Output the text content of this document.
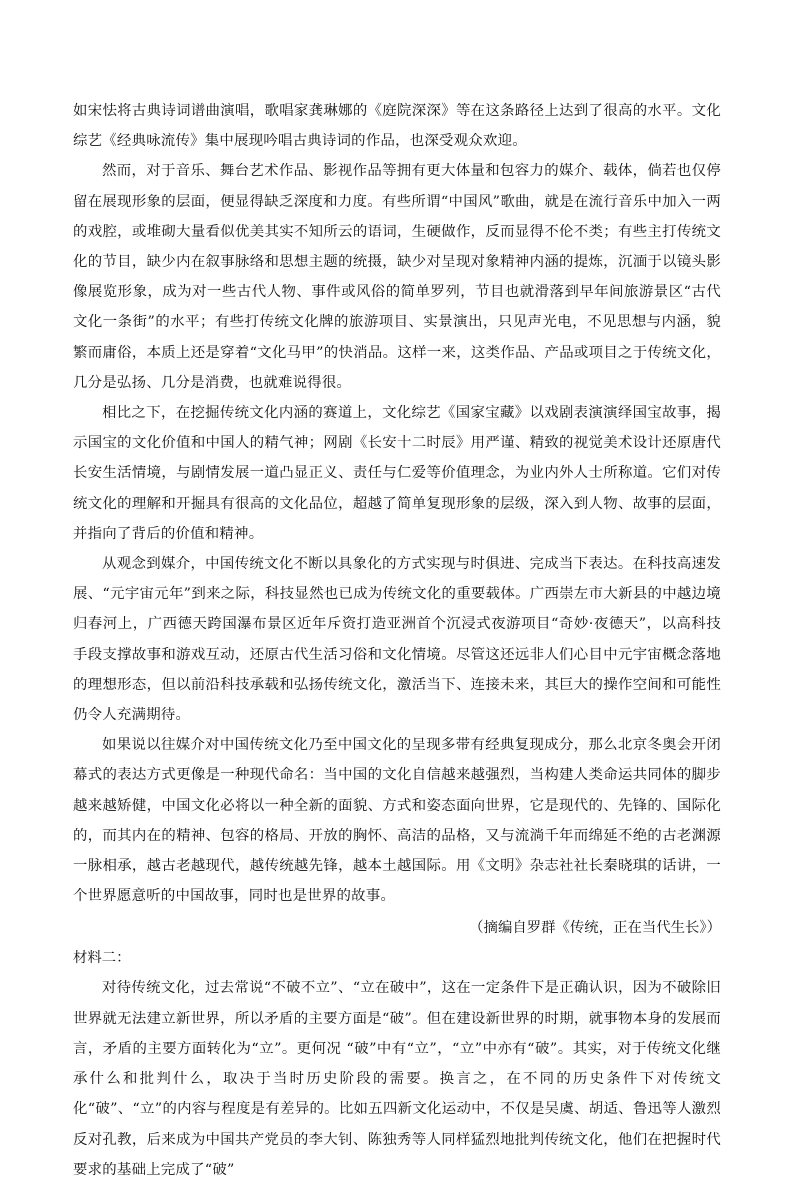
如宋怯将古典诗词谱曲演唱，歌唱家龚琳娜的《庭院深深》等在这条路径上达到了很高的水平。文化综艺《经典咏流传》集中展现吟唱古典诗词的作品，也深受观众欢迎。

然而，对于音乐、舞台艺术作品、影视作品等拥有更大体量和包容力的媒介、载体，倘若也仅停留在展现形象的层面，便显得缺乏深度和力度。有些所谓“中国风”歌曲，就是在流行音乐中加入一两的戏腔，或堆砌大量看似优美其实不知所云的语词，生硬做作，反而显得不伦不类；有些主打传统文化的节目，缺少内在叙事脉络和思想主题的统摄，缺少对呈现对象精神内涵的提炼，沉湎于以镜头影像展览形象，成为对一些古代人物、事件或风俗的简单罗列，节目也就滑落到早年间旅游景区“古代文化一条街”的水平；有些打传统文化牌的旅游项目、实景演出，只见声光电，不见思想与内涵，貌繁而庸俗，本质上还是穿着“文化马甲”的快消品。这样一来，这类作品、产品或项目之于传统文化，几分是弘扬、几分是消费，也就难说得很。

相比之下，在挖掘传统文化内涵的赛道上，文化综艺《国家宝藏》以戏剧表演演绎国宝故事，揭示国宝的文化价值和中国人的精气神；网剧《长安十二时辰》用严谨、精致的视觉美术设计还原唐代长安生活情境，与剧情发展一道凸显正义、责任与仁爱等价值理念，为业内外人士所称道。它们对传统文化的理解和开掘具有很高的文化品位，超越了简单复现形象的层级，深入到人物、故事的层面，并指向了背后的价值和精神。

从观念到媒介，中国传统文化不断以具象化的方式实现与时俱进、完成当下表达。在科技高速发展、“元宇宙元年”到来之际，科技显然也已成为传统文化的重要载体。广西崇左市大新县的中越边境归春河上，广西德天跨国瀑布景区近年斥资打造亚洲首个沉浸式夜游项目“奇妙·夜德天”，以高科技手段支撑故事和游戏互动，还原古代生活习俗和文化情境。尽管这还远非人们心目中元宇宙概念落地的理想形态，但以前沿科技承载和弘扬传统文化，激活当下、连接未来，其巨大的操作空间和可能性仍令人充满期待。

如果说以往媒介对中国传统文化乃至中国文化的呈现多带有经典复现成分，那么北京冬奥会开闭幕式的表达方式更像是一种现代命名：当中国的文化自信越来越强烈，当构建人类命运共同体的脚步越来越矫健，中国文化必将以一种全新的面貌、方式和姿态面向世界，它是现代的、先锋的、国际化的，而其内在的精神、包容的格局、开放的胸怀、高洁的品格，又与流淌千年而绵延不绝的古老渊源一脉相承，越古老越现代，越传统越先锋，越本土越国际。用《文明》杂志社社长秦晓琪的话讲，一个世界愿意听的中国故事，同时也是世界的故事。

（摘编自罗群《传统，正在当代生长》）
材料二：

对待传统文化，过去常说“不破不立”、“立在破中”，这在一定条件下是正确认识，因为不破除旧世界就无法建立新世界，所以矛盾的主要方面是“破”。但在建设新世界的时期，就事物本身的发展而言，矛盾的主要方面转化为“立”。更何况 “破”中有“立”，“立”中亦有“破”。其实，对于传统文化继承什么和批判什么，取决于当时历史阶段的需要。换言之，在不同的历史条件下对传统文化“破”、“立”的内容与程度是有差异的。比如五四新文化运动中，不仅是吴虞、胡适、鲁迅等人激烈反对孔教，后来成为中国共产党员的李大钊、陈独秀等人同样猛烈地批判传统文化，他们在把握时代要求的基础上完成了“破”
